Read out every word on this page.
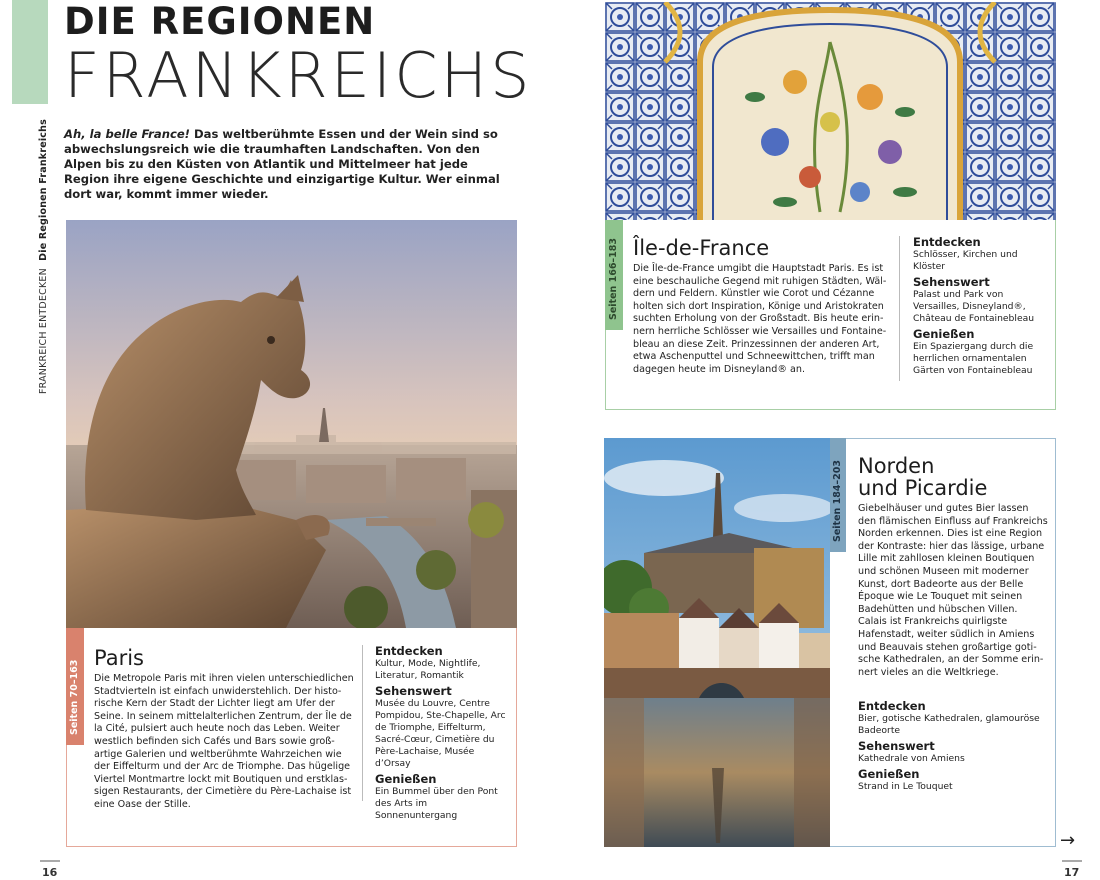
FRANKREICH ENTDECKEN Die Regionen Frankreichs
DIE REGIONEN
FRANKREICHS
Ah, la belle France! Das weltberühmte Essen und der Wein sind so abwechslungsreich wie die traumhaften Landschaften. Von den Alpen bis zu den Küsten von Atlantik und Mittelmeer hat jede Region ihre eigene Geschichte und einzigartige Kultur. Wer einmal dort war, kommt immer wieder.
Seiten 70–163
Paris
Die Metropole Paris mit ihren vielen unterschiedlichen Stadtvierteln ist einfach unwiderstehlich. Der historische Kern der Stadt der Lichter liegt am Ufer der Seine. In seinem mittelalterlichen Zentrum, der Île de la Cité, pulsiert auch heute noch das Leben. Weiter westlich befinden sich Cafés und Bars sowie großartige Galerien und weltberühmte Wahrzeichen wie der Eiffelturm und der Arc de Triomphe. Das hügelige Viertel Montmartre lockt mit Boutiquen und erstklassigen Restaurants, der Cimetière du Père-Lachaise ist eine Oase der Stille.
Entdecken
Kultur, Mode, Nightlife, Literatur, Romantik
Sehenswert
Musée du Louvre, Centre Pompidou, Ste-Chapelle, Arc de Triomphe, Eiffelturm, Sacré-Cœur, Cimetière du Père-Lachaise, Musée d’Orsay
Genießen
Ein Bummel über den Pont des Arts im Sonnenuntergang
Seiten 166–183 Île-de-France
Die Île-de-France umgibt die Hauptstadt Paris. Es ist eine beschauliche Gegend mit ruhigen Städten, Wäldern und Feldern. Künstler wie Corot und Cézanne holten sich dort Inspiration, Könige und Aristokraten suchten Erholung von der Großstadt. Bis heute erinnern herrliche Schlösser wie Versailles und Fontainebleau an diese Zeit. Prinzessinnen der anderen Art, etwa Aschenputtel und Schneewittchen, trifft man dagegen heute im Disneyland® an.
Entdecken
Schlösser, Kirchen und Klöster
Sehenswert
Palast und Park von Versailles, Disneyland®, Château de Fontainebleau
Genießen
Ein Spaziergang durch die herrlichen ornamentalen Gärten von Fontainebleau
Seiten 184–203 Norden
und Picardie
Giebelhäuser und gutes Bier lassen den flämischen Einfluss auf Frankreichs Norden erkennen. Dies ist eine Region der Kontraste: hier das lässige, urbane Lille mit zahllosen kleinen Boutiquen und schönen Museen mit moderner Kunst, dort Badeorte aus der Belle Époque wie Le Touquet mit seinen Badehütten und hübschen Villen. Calais ist Frankreichs quirligste Hafenstadt, weiter südlich in Amiens und Beauvais stehen großartige gotische Kathedralen, an der Somme erinnert vieles an die Weltkriege.
Entdecken
Bier, gotische Kathedralen, glamouröse Badeorte
Sehenswert
Kathedrale von Amiens
Genießen
Strand in Le Touquet
16	17
→
